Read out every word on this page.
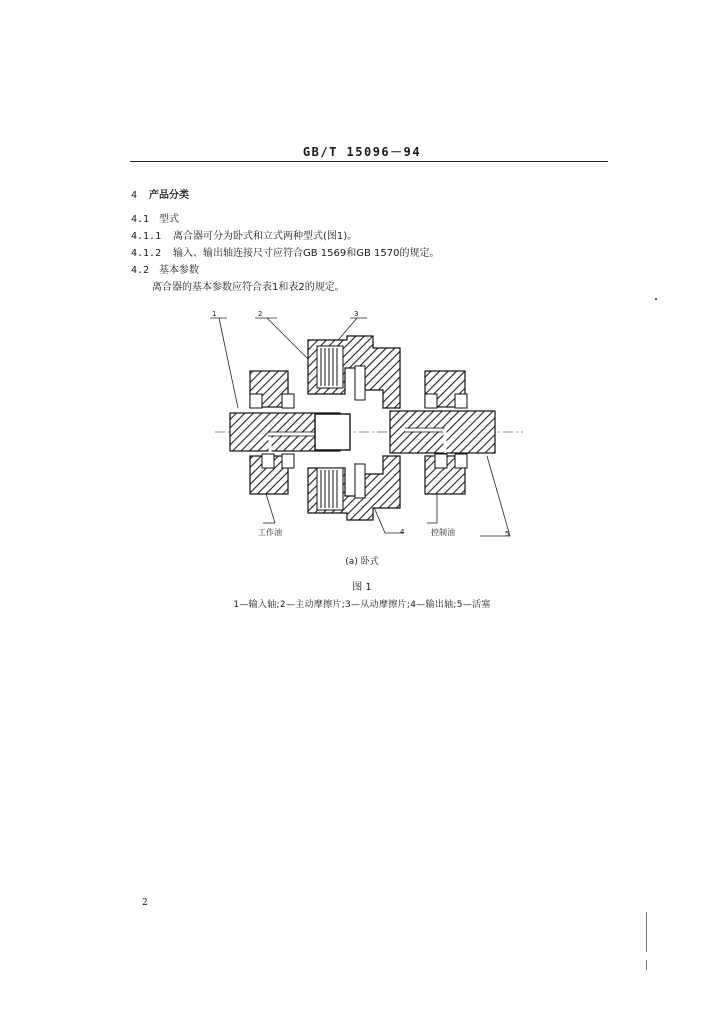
GB/T 15096－94
4 产品分类
4.1 型式
4.1.1 离合器可分为卧式和立式两种型式(图1)。
4.1.2 输入、输出轴连接尺寸应符合GB 1569和GB 1570的规定。
4.2 基本参数
离合器的基本参数应符合表1和表2的规定。
1	2	3
4	5
工作油	控制油
(a) 卧式
图 1
1—输入轴;2—主动摩擦片;3—从动摩擦片;4—输出轴;5—活塞
2
